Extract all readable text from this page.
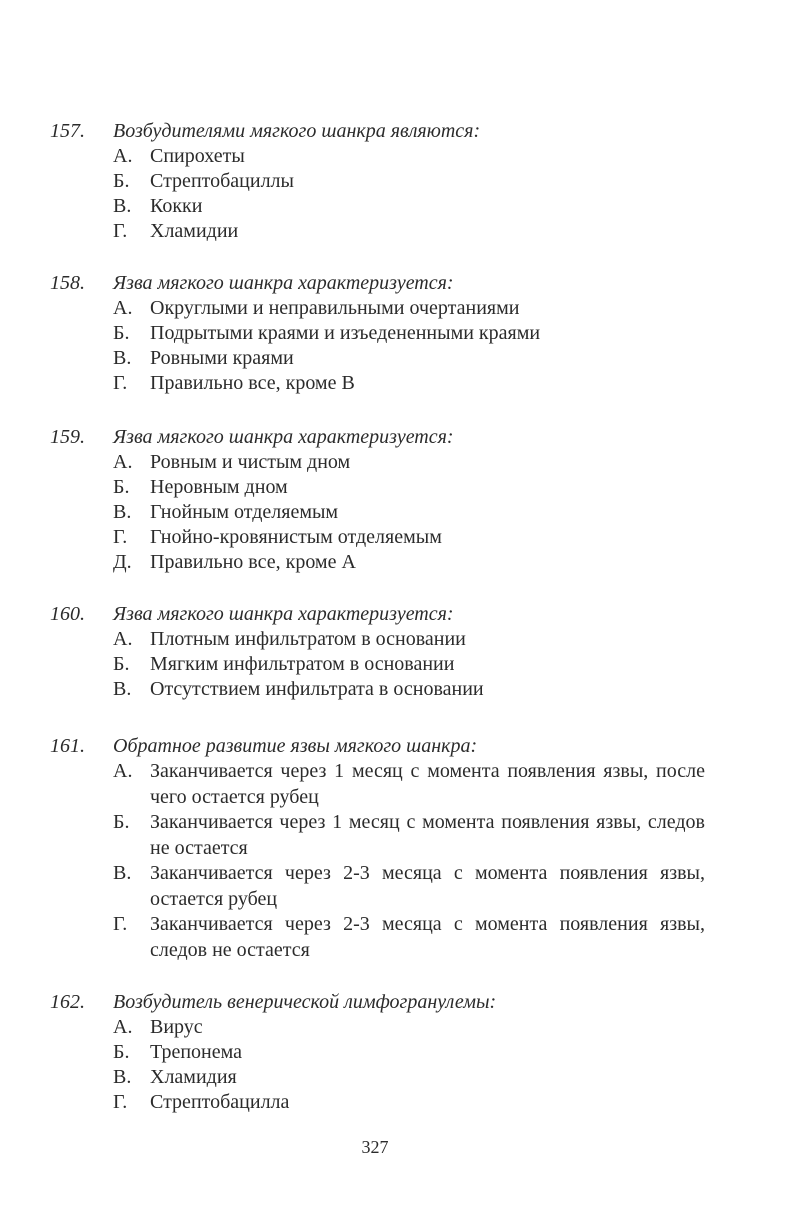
157. Возбудителями мягкого шанкра являются:
А. Спирохеты
Б. Стрептобациллы
В. Кокки
Г. Хламидии
158. Язва мягкого шанкра характеризуется:
А. Округлыми и неправильными очертаниями
Б. Подрытыми краями и изъедененными краями
В. Ровными краями
Г. Правильно все, кроме В
159. Язва мягкого шанкра характеризуется:
А. Ровным и чистым дном
Б. Неровным дном
В. Гнойным отделяемым
Г. Гнойно-кровянистым отделяемым
Д. Правильно все, кроме А
160. Язва мягкого шанкра характеризуется:
А. Плотным инфильтратом в основании
Б. Мягким инфильтратом в основании
В. Отсутствием инфильтрата в основании
161. Обратное развитие язвы мягкого шанкра:
А. Заканчивается через 1 месяц с момента появления язвы, после чего остается рубец
Б. Заканчивается через 1 месяц с момента появления язвы, следов не остается
В. Заканчивается через 2-3 месяца с момента появления язвы, остается рубец
Г. Заканчивается через 2-3 месяца с момента появления язвы, следов не остается
162. Возбудитель венерической лимфогранулемы:
А. Вирус
Б. Трепонема
В. Хламидия
Г. Стрептобацилла
327
